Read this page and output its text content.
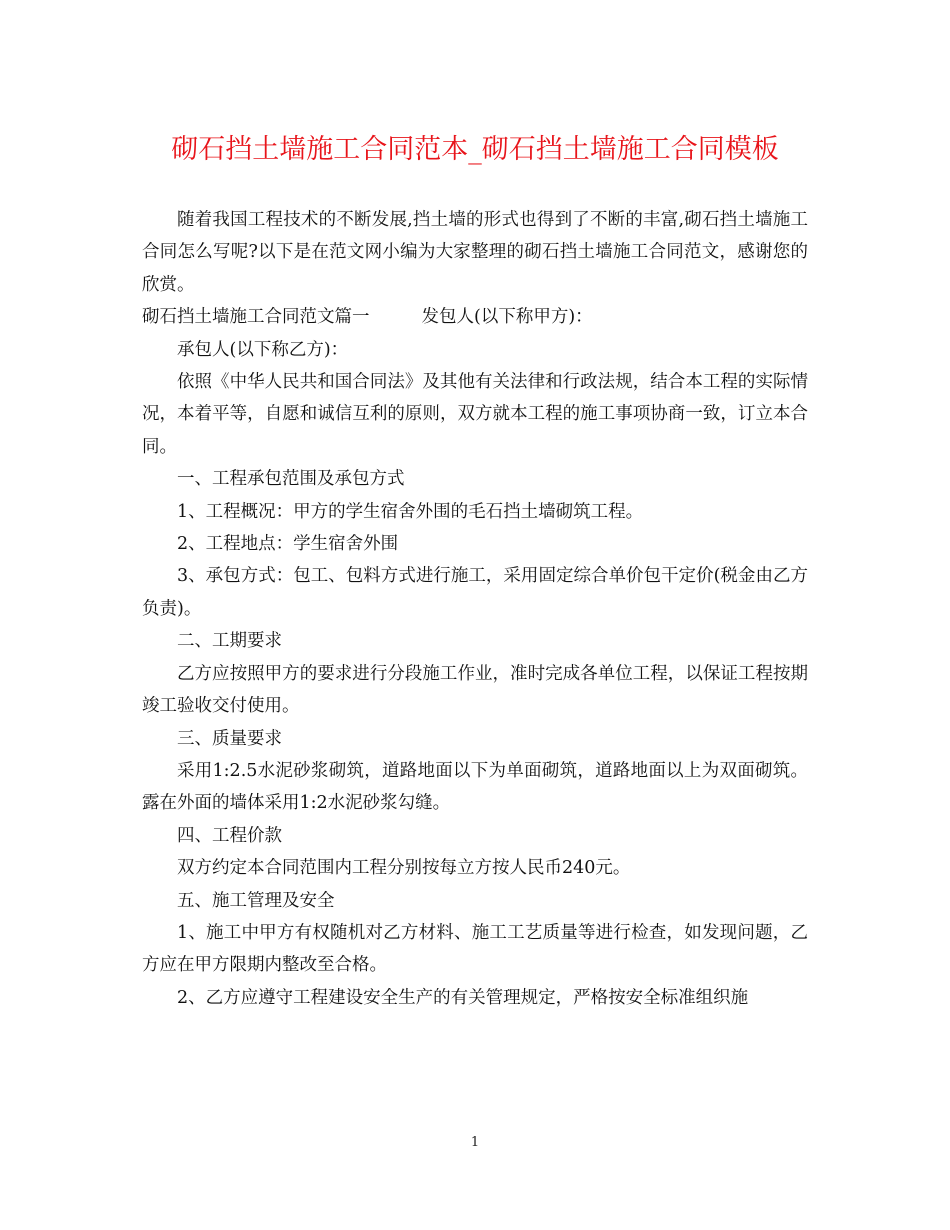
砌石挡土墙施工合同范本_砌石挡土墙施工合同模板

随着我国工程技术的不断发展,挡土墙的形式也得到了不断的丰富,砌石挡土墙施工合同怎么写呢?以下是在范文网小编为大家整理的砌石挡土墙施工合同范文，感谢您的欣赏。

砌石挡土墙施工合同范文篇一	发包人(以下称甲方)：

承包人(以下称乙方)：

依照《中华人民共和国合同法》及其他有关法律和行政法规，结合本工程的实际情况，本着平等，自愿和诚信互利的原则，双方就本工程的施工事项协商一致，订立本合同。

一、工程承包范围及承包方式

1、工程概况：甲方的学生宿舍外围的毛石挡土墙砌筑工程。

2、工程地点：学生宿舍外围

3、承包方式：包工、包料方式进行施工，采用固定综合单价包干定价(税金由乙方负责)。

二、工期要求

乙方应按照甲方的要求进行分段施工作业，准时完成各单位工程，以保证工程按期竣工验收交付使用。

三、质量要求

采用1:2.5水泥砂浆砌筑，道路地面以下为单面砌筑，道路地面以上为双面砌筑。露在外面的墙体采用1:2水泥砂浆勾缝。

四、工程价款

双方约定本合同范围内工程分别按每立方按人民币240元。

五、施工管理及安全

1、施工中甲方有权随机对乙方材料、施工工艺质量等进行检查，如发现问题，乙方应在甲方限期内整改至合格。

2、乙方应遵守工程建设安全生产的有关管理规定，严格按安全标准组织施

1
